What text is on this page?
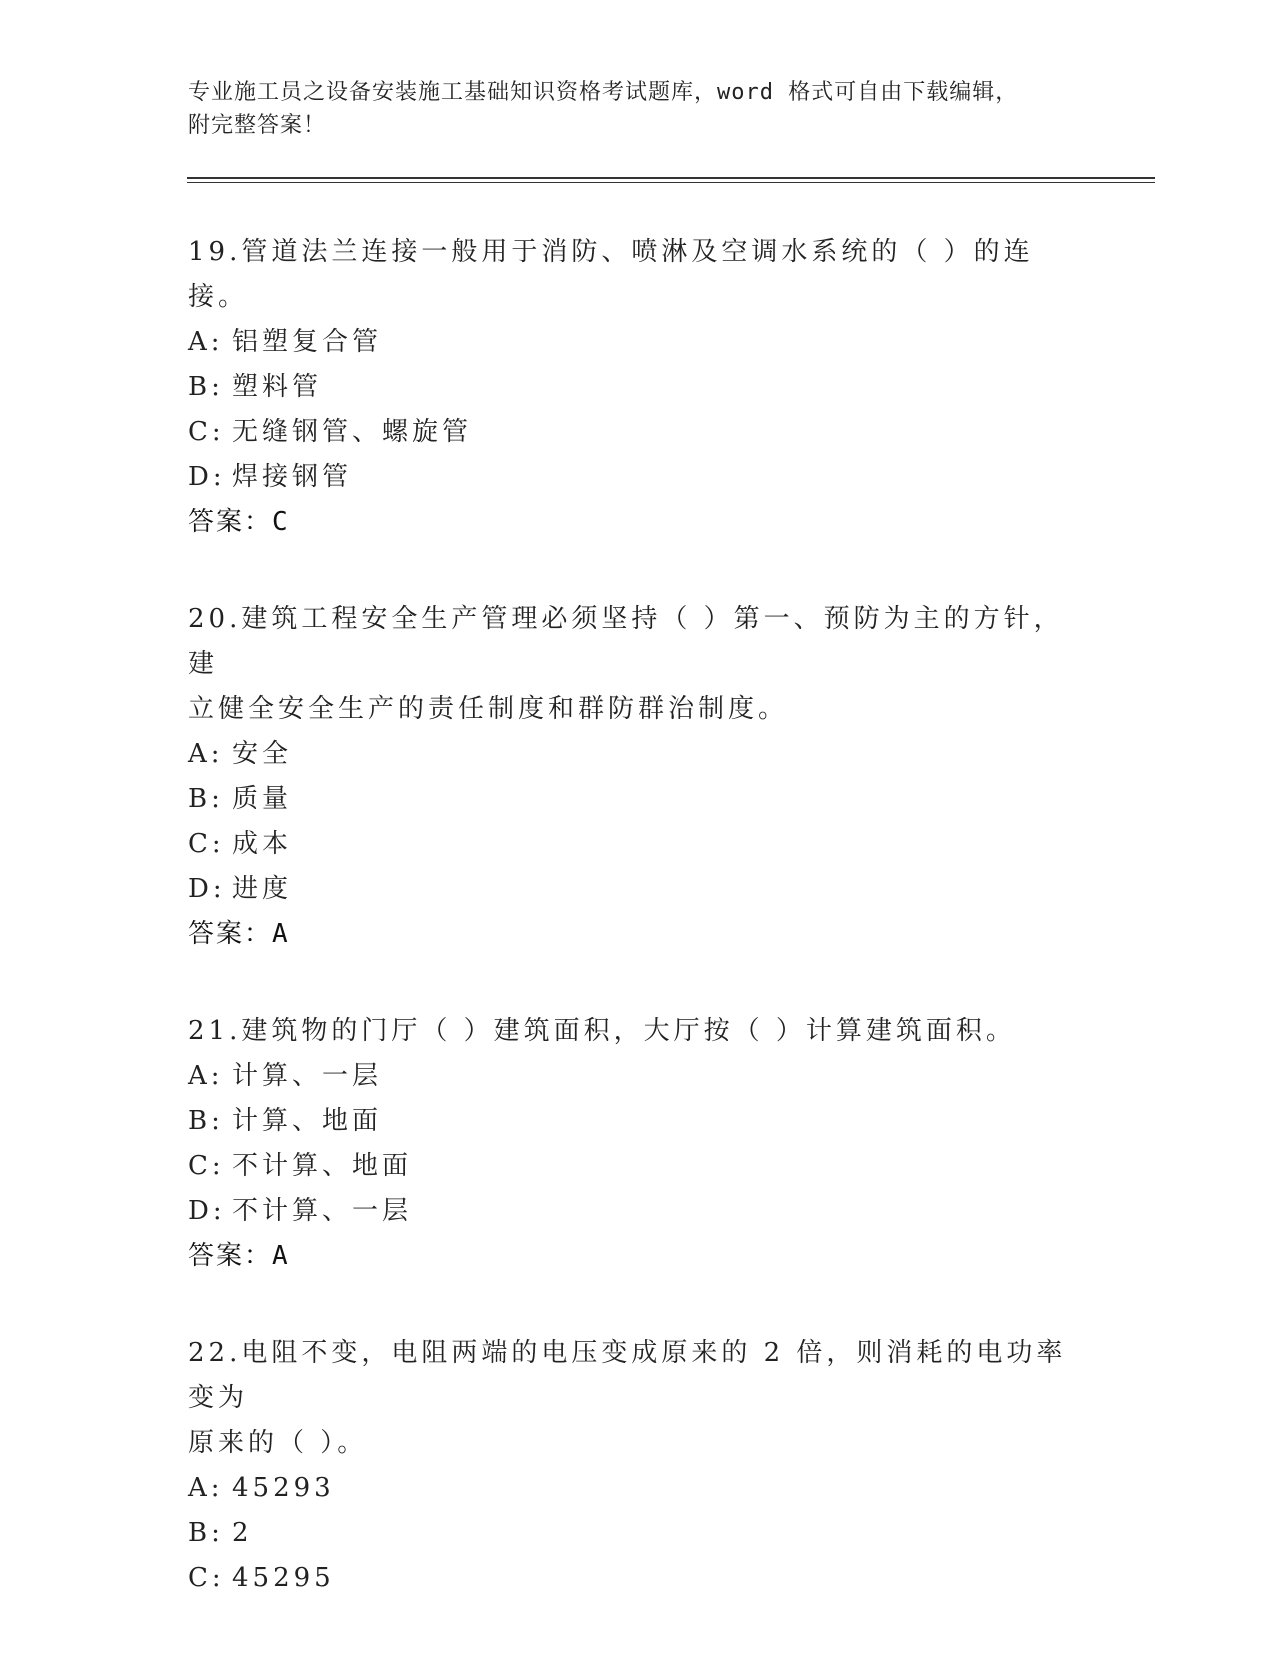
专业施工员之设备安装施工基础知识资格考试题库，word 格式可自由下载编辑，
附完整答案！
19.管道法兰连接一般用于消防、喷淋及空调水系统的（ ）的连接。
A: 铝塑复合管
B: 塑料管
C: 无缝钢管、螺旋管
D: 焊接钢管
答案：C
20.建筑工程安全生产管理必须坚持（ ）第一、预防为主的方针，建
立健全安全生产的责任制度和群防群治制度。
A: 安全
B: 质量
C: 成本
D: 进度
答案：A
21.建筑物的门厅（ ）建筑面积，大厅按（ ）计算建筑面积。
A: 计算、一层
B: 计算、地面
C: 不计算、地面
D: 不计算、一层
答案：A
22.电阻不变，电阻两端的电压变成原来的 2 倍，则消耗的电功率变为
原来的（ ）。
A: 45293
B: 2
C: 45295
